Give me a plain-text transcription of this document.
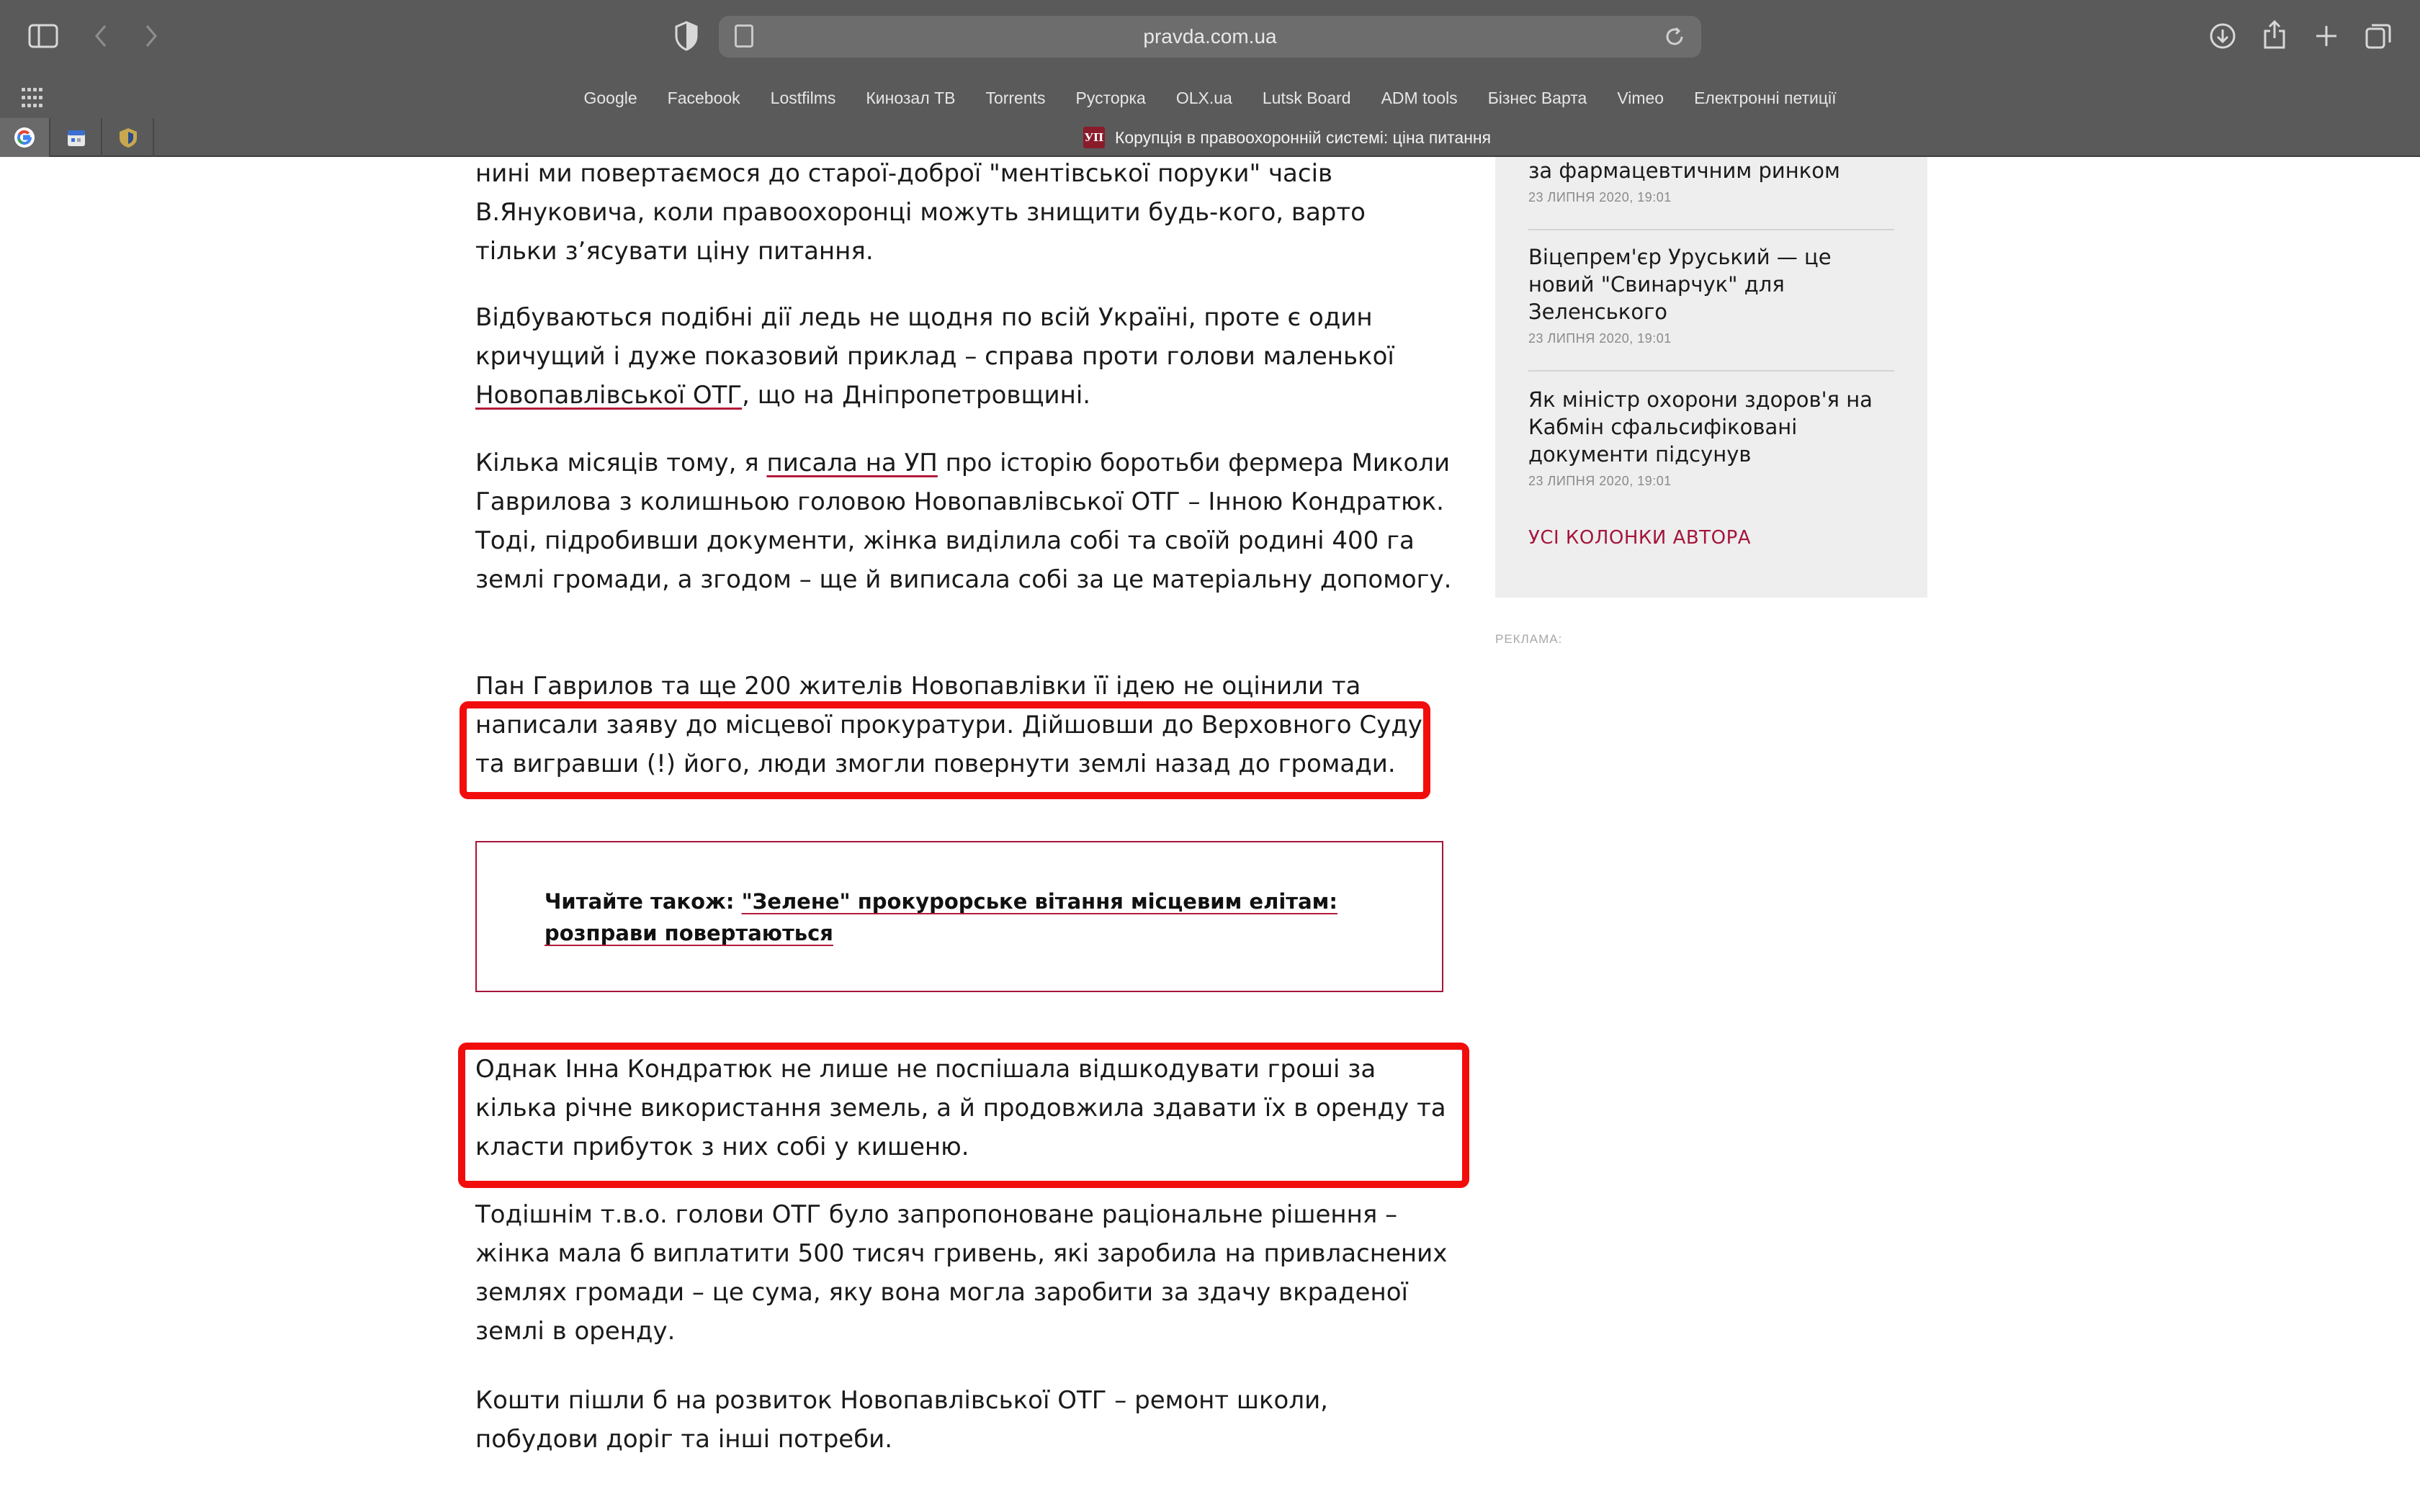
pravda.com.ua
Google Facebook Lostfilms Кинозал ТВ Torrents Русторка OLX.ua Lutsk Board ADM tools Бізнес Варта Vimeo Електронні петиції
УП Корупція в правоохоронній системі: ціна питання

нині ми повертаємося до старої-доброї "ментівської поруки" часів В.Януковича, коли правоохоронці можуть знищити будь-кого, варто тільки з’ясувати ціну питання.

Відбуваються подібні дії ледь не щодня по всій Україні, проте є один кричущий і дуже показовий приклад – справа проти голови маленької Новопавлівської ОТГ, що на Дніпропетровщині.

Кілька місяців тому, я писала на УП про історію боротьби фермера Миколи Гаврилова з колишньою головою Новопавлівської ОТГ – Інною Кондратюк. Тоді, підробивши документи, жінка виділила собі та своїй родині 400 га землі громади, а згодом – ще й виписала собі за це матеріальну допомогу.

Пан Гаврилов та ще 200 жителів Новопавлівки її ідею не оцінили та написали заяву до місцевої прокуратури. Дійшовши до Верховного Суду та вигравши (!) його, люди змогли повернути землі назад до громади.

Однак Інна Кондратюк не лише не поспішала відшкодувати гроші за кілька річне використання земель, а й продовжила здавати їх в оренду та класти прибуток з них собі у кишеню.

Тодішнім т.в.о. голови ОТГ було запропоноване раціональне рішення – жінка мала б виплатити 500 тисяч гривень, які заробила на привласнених землях громади – це сума, яку вона могла заробити за здачу вкраденої землі в оренду.

Кошти пішли б на розвиток Новопавлівської ОТГ – ремонт школи, побудови доріг та інші потреби.

Читайте також: "Зелене" прокурорське вітання місцевим елітам: розправи повертаються
за фармацевтичним ринком
23 ЛИПНЯ 2020, 19:01
Віцепрем'єр Уруський — це новий "Свинарчук" для Зеленського
23 ЛИПНЯ 2020, 19:01
Як міністр охорони здоров'я на Кабмін сфальсифіковані документи підсунув
23 ЛИПНЯ 2020, 19:01
УСІ КОЛОНКИ АВТОРА
РЕКЛАМА:
